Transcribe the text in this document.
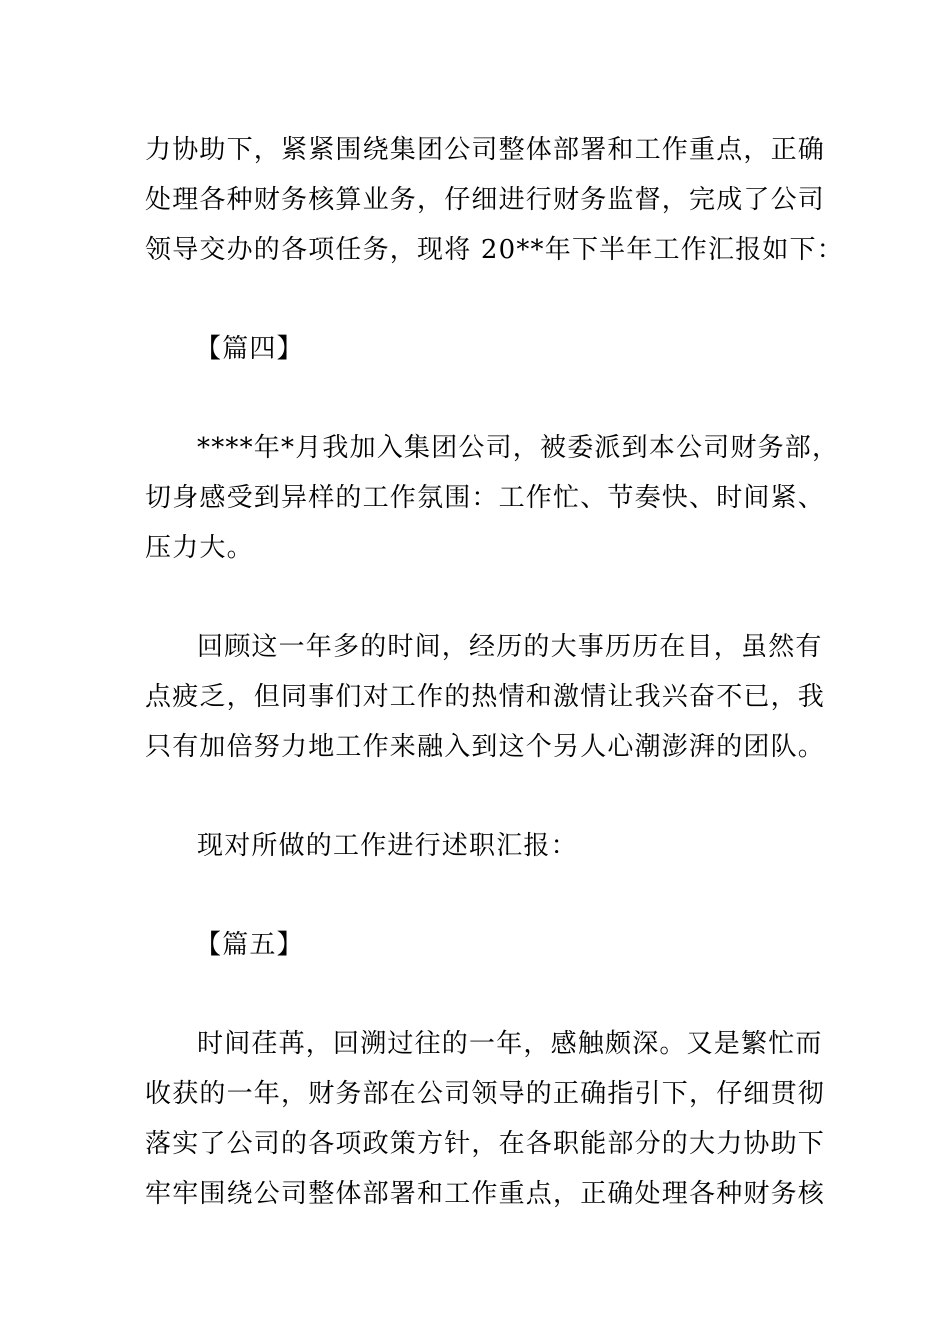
力协助下，紧紧围绕集团公司整体部署和工作重点，正确
处理各种财务核算业务，仔细进行财务监督，完成了公司
领导交办的各项任务，现将 20**年下半年工作汇报如下：
【篇四】
****年*月我加入集团公司，被委派到本公司财务部，
切身感受到异样的工作氛围：工作忙、节奏快、时间紧、
压力大。
回顾这一年多的时间，经历的大事历历在目，虽然有
点疲乏，但同事们对工作的热情和激情让我兴奋不已，我
只有加倍努力地工作来融入到这个另人心潮澎湃的团队。
现对所做的工作进行述职汇报：
【篇五】
时间荏苒，回溯过往的一年，感触颇深。又是繁忙而
收获的一年，财务部在公司领导的正确指引下，仔细贯彻
落实了公司的各项政策方针，在各职能部分的大力协助下
牢牢围绕公司整体部署和工作重点，正确处理各种财务核
